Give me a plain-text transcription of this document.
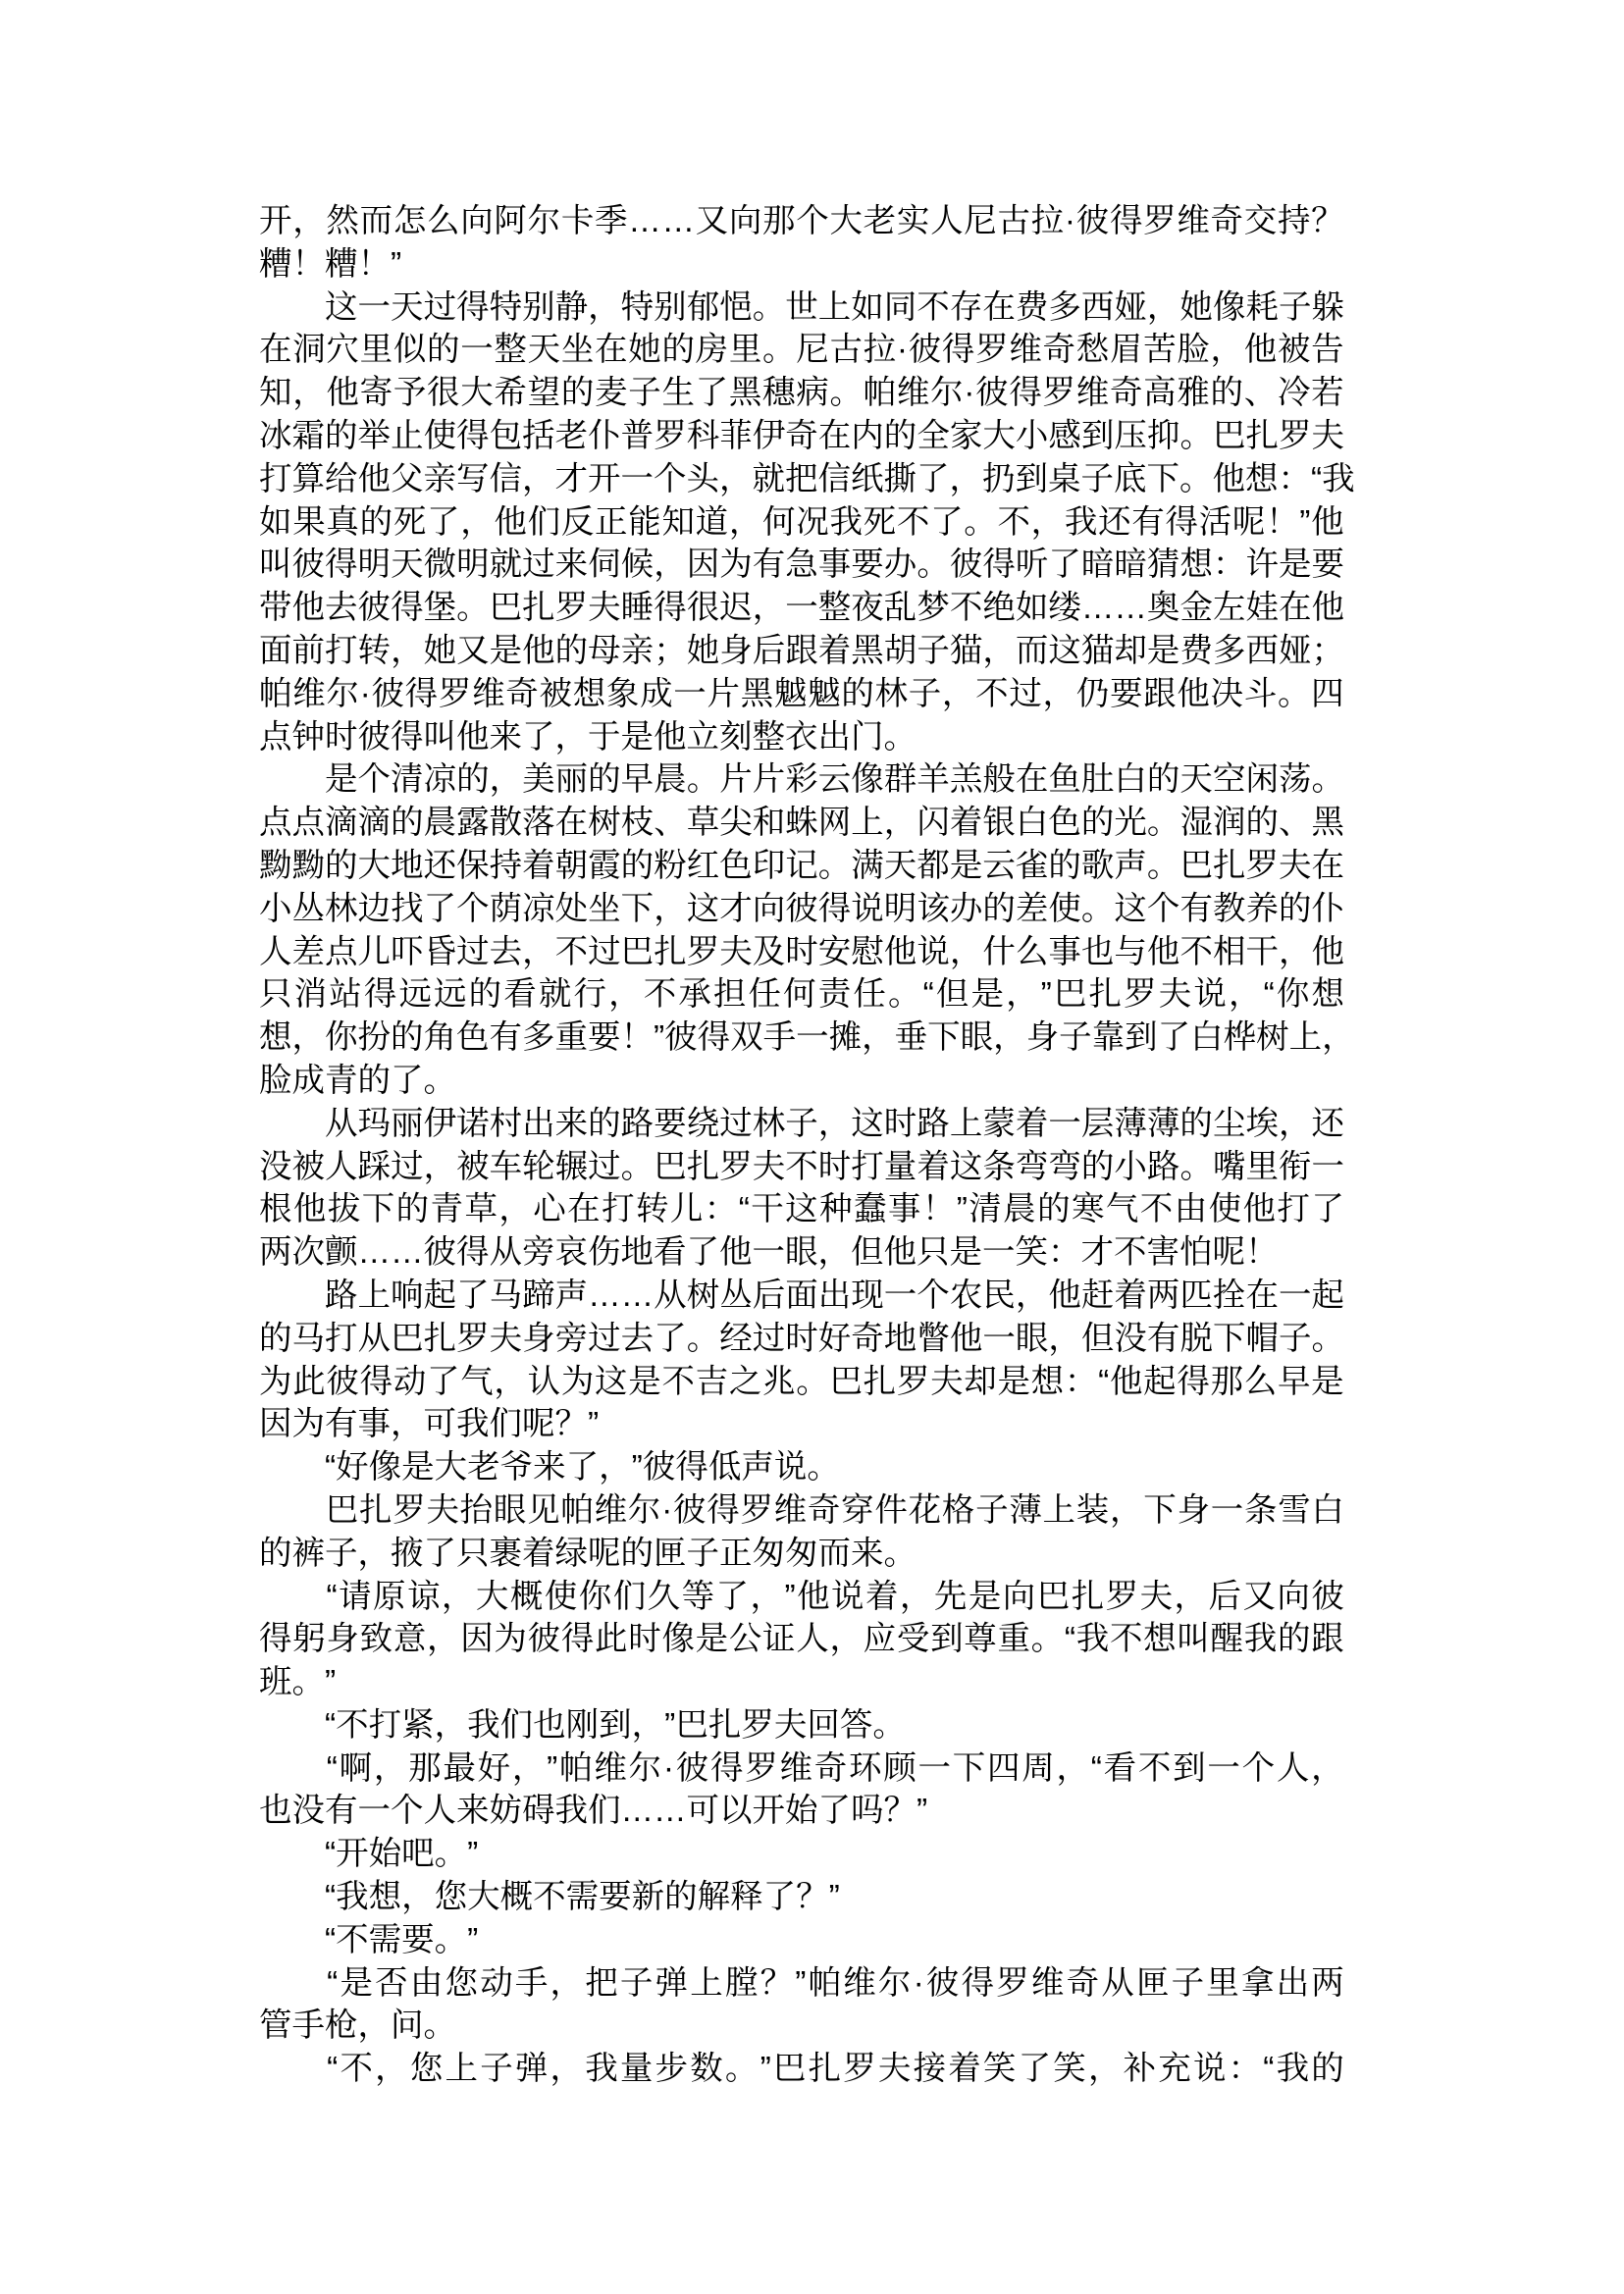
开 ， 然 而 怎 么 向 阿 尔 卡 季 … … 又 向 那 个 大 老 实 人 尼 古 拉 · 彼 得 罗 维 奇 交 持 ？
糟 ！ 糟 ！ ”
这 一 天 过 得 特 别 静 ， 特 别 郁 悒 。 世 上 如 同 不 存 在 费 多 西 娅 ， 她 像 耗 子 躲
在 洞 穴 里 似 的 一 整 天 坐 在 她 的 房 里 。 尼 古 拉 · 彼 得 罗 维 奇 愁 眉 苦 脸 ， 他 被 告
知 ， 他 寄 予 很 大 希 望 的 麦 子 生 了 黑 穗 病 。 帕 维 尔 · 彼 得 罗 维 奇 高 雅 的 、 冷 若
冰 霜 的 举 止 使 得 包 括 老 仆 普 罗 科 菲 伊 奇 在 内 的 全 家 大 小 感 到 压 抑 。 巴 扎 罗 夫
打 算 给 他 父 亲 写 信 ， 才 开 一 个 头 ， 就 把 信 纸 撕 了 ， 扔 到 桌 子 底 下 。 他 想 ： “ 我
如 果 真 的 死 了 ， 他 们 反 正 能 知 道 ， 何 况 我 死 不 了 。 不 ， 我 还 有 得 活 呢 ！ ” 他
叫 彼 得 明 天 微 明 就 过 来 伺 候 ， 因 为 有 急 事 要 办 。 彼 得 听 了 暗 暗 猜 想 ： 许 是 要
带 他 去 彼 得 堡 。 巴 扎 罗 夫 睡 得 很 迟 ， 一 整 夜 乱 梦 不 绝 如 缕 … … 奥 金 左 娃 在 他
面 前 打 转 ， 她 又 是 他 的 母 亲 ； 她 身 后 跟 着 黑 胡 子 猫 ， 而 这 猫 却 是 费 多 西 娅 ；
帕 维 尔 · 彼 得 罗 维 奇 被 想 象 成 一 片 黑 魆 魆 的 林 子 ， 不 过 ， 仍 要 跟 他 决 斗 。 四
点 钟 时 彼 得 叫 他 来 了 ， 于 是 他 立 刻 整 衣 出 门 。
是 个 清 凉 的 ， 美 丽 的 早 晨 。 片 片 彩 云 像 群 羊 羔 般 在 鱼 肚 白 的 天 空 闲 荡 。
点 点 滴 滴 的 晨 露 散 落 在 树 枝 、 草 尖 和 蛛 网 上 ， 闪 着 银 白 色 的 光 。 湿 润 的 、 黑
黝 黝 的 大 地 还 保 持 着 朝 霞 的 粉 红 色 印 记 。 满 天 都 是 云 雀 的 歌 声 。 巴 扎 罗 夫 在
小 丛 林 边 找 了 个 荫 凉 处 坐 下 ， 这 才 向 彼 得 说 明 该 办 的 差 使 。 这 个 有 教 养 的 仆
人 差 点 儿 吓 昏 过 去 ， 不 过 巴 扎 罗 夫 及 时 安 慰 他 说 ， 什 么 事 也 与 他 不 相 干 ， 他
只 消 站 得 远 远 的 看 就 行 ， 不 承 担 任 何 责 任 。 “ 但 是 ， ” 巴 扎 罗 夫 说 ， “ 你 想
想 ， 你 扮 的 角 色 有 多 重 要 ！ ” 彼 得 双 手 一 摊 ， 垂 下 眼 ， 身 子 靠 到 了 白 桦 树 上 ，
脸 成 青 的 了 。
从 玛 丽 伊 诺 村 出 来 的 路 要 绕 过 林 子 ， 这 时 路 上 蒙 着 一 层 薄 薄 的 尘 埃 ， 还
没 被 人 踩 过 ， 被 车 轮 辗 过 。 巴 扎 罗 夫 不 时 打 量 着 这 条 弯 弯 的 小 路 。 嘴 里 衔 一
根 他 拔 下 的 青 草 ， 心 在 打 转 儿 ： “ 干 这 种 蠢 事 ！ ” 清 晨 的 寒 气 不 由 使 他 打 了
两 次 颤 … … 彼 得 从 旁 哀 伤 地 看 了 他 一 眼 ， 但 他 只 是 一 笑 ： 才 不 害 怕 呢 ！
路 上 响 起 了 马 蹄 声 … … 从 树 丛 后 面 出 现 一 个 农 民 ， 他 赶 着 两 匹 拴 在 一 起
的 马 打 从 巴 扎 罗 夫 身 旁 过 去 了 。 经 过 时 好 奇 地 瞥 他 一 眼 ， 但 没 有 脱 下 帽 子 。
为 此 彼 得 动 了 气 ， 认 为 这 是 不 吉 之 兆 。 巴 扎 罗 夫 却 是 想 ： “ 他 起 得 那 么 早 是
因 为 有 事 ， 可 我 们 呢 ？ ”
“ 好 像 是 大 老 爷 来 了 ， ” 彼 得 低 声 说 。
巴 扎 罗 夫 抬 眼 见 帕 维 尔 · 彼 得 罗 维 奇 穿 件 花 格 子 薄 上 装 ， 下 身 一 条 雪 白
的 裤 子 ， 掖 了 只 裹 着 绿 呢 的 匣 子 正 匆 匆 而 来 。
“ 请 原 谅 ， 大 概 使 你 们 久 等 了 ， ” 他 说 着 ， 先 是 向 巴 扎 罗 夫 ， 后 又 向 彼
得 躬 身 致 意 ， 因 为 彼 得 此 时 像 是 公 证 人 ， 应 受 到 尊 重 。 “ 我 不 想 叫 醒 我 的 跟
班 。 ”
“ 不 打 紧 ， 我 们 也 刚 到 ， ” 巴 扎 罗 夫 回 答 。
“ 啊 ， 那 最 好 ， ” 帕 维 尔 · 彼 得 罗 维 奇 环 顾 一 下 四 周 ， “ 看 不 到 一 个 人 ，
也 没 有 一 个 人 来 妨 碍 我 们 … … 可 以 开 始 了 吗 ？ ”
“ 开 始 吧 。 ”
“ 我 想 ， 您 大 概 不 需 要 新 的 解 释 了 ？ ”
“ 不 需 要 。 ”
“ 是 否 由 您 动 手 ， 把 子 弹 上 膛 ？ ” 帕 维 尔 · 彼 得 罗 维 奇 从 匣 子 里 拿 出 两
管 手 枪 ， 问 。
“ 不 ， 您 上 子 弹 ， 我 量 步 数 。 ” 巴 扎 罗 夫 接 着 笑 了 笑 ， 补 充 说 ： “ 我 的
